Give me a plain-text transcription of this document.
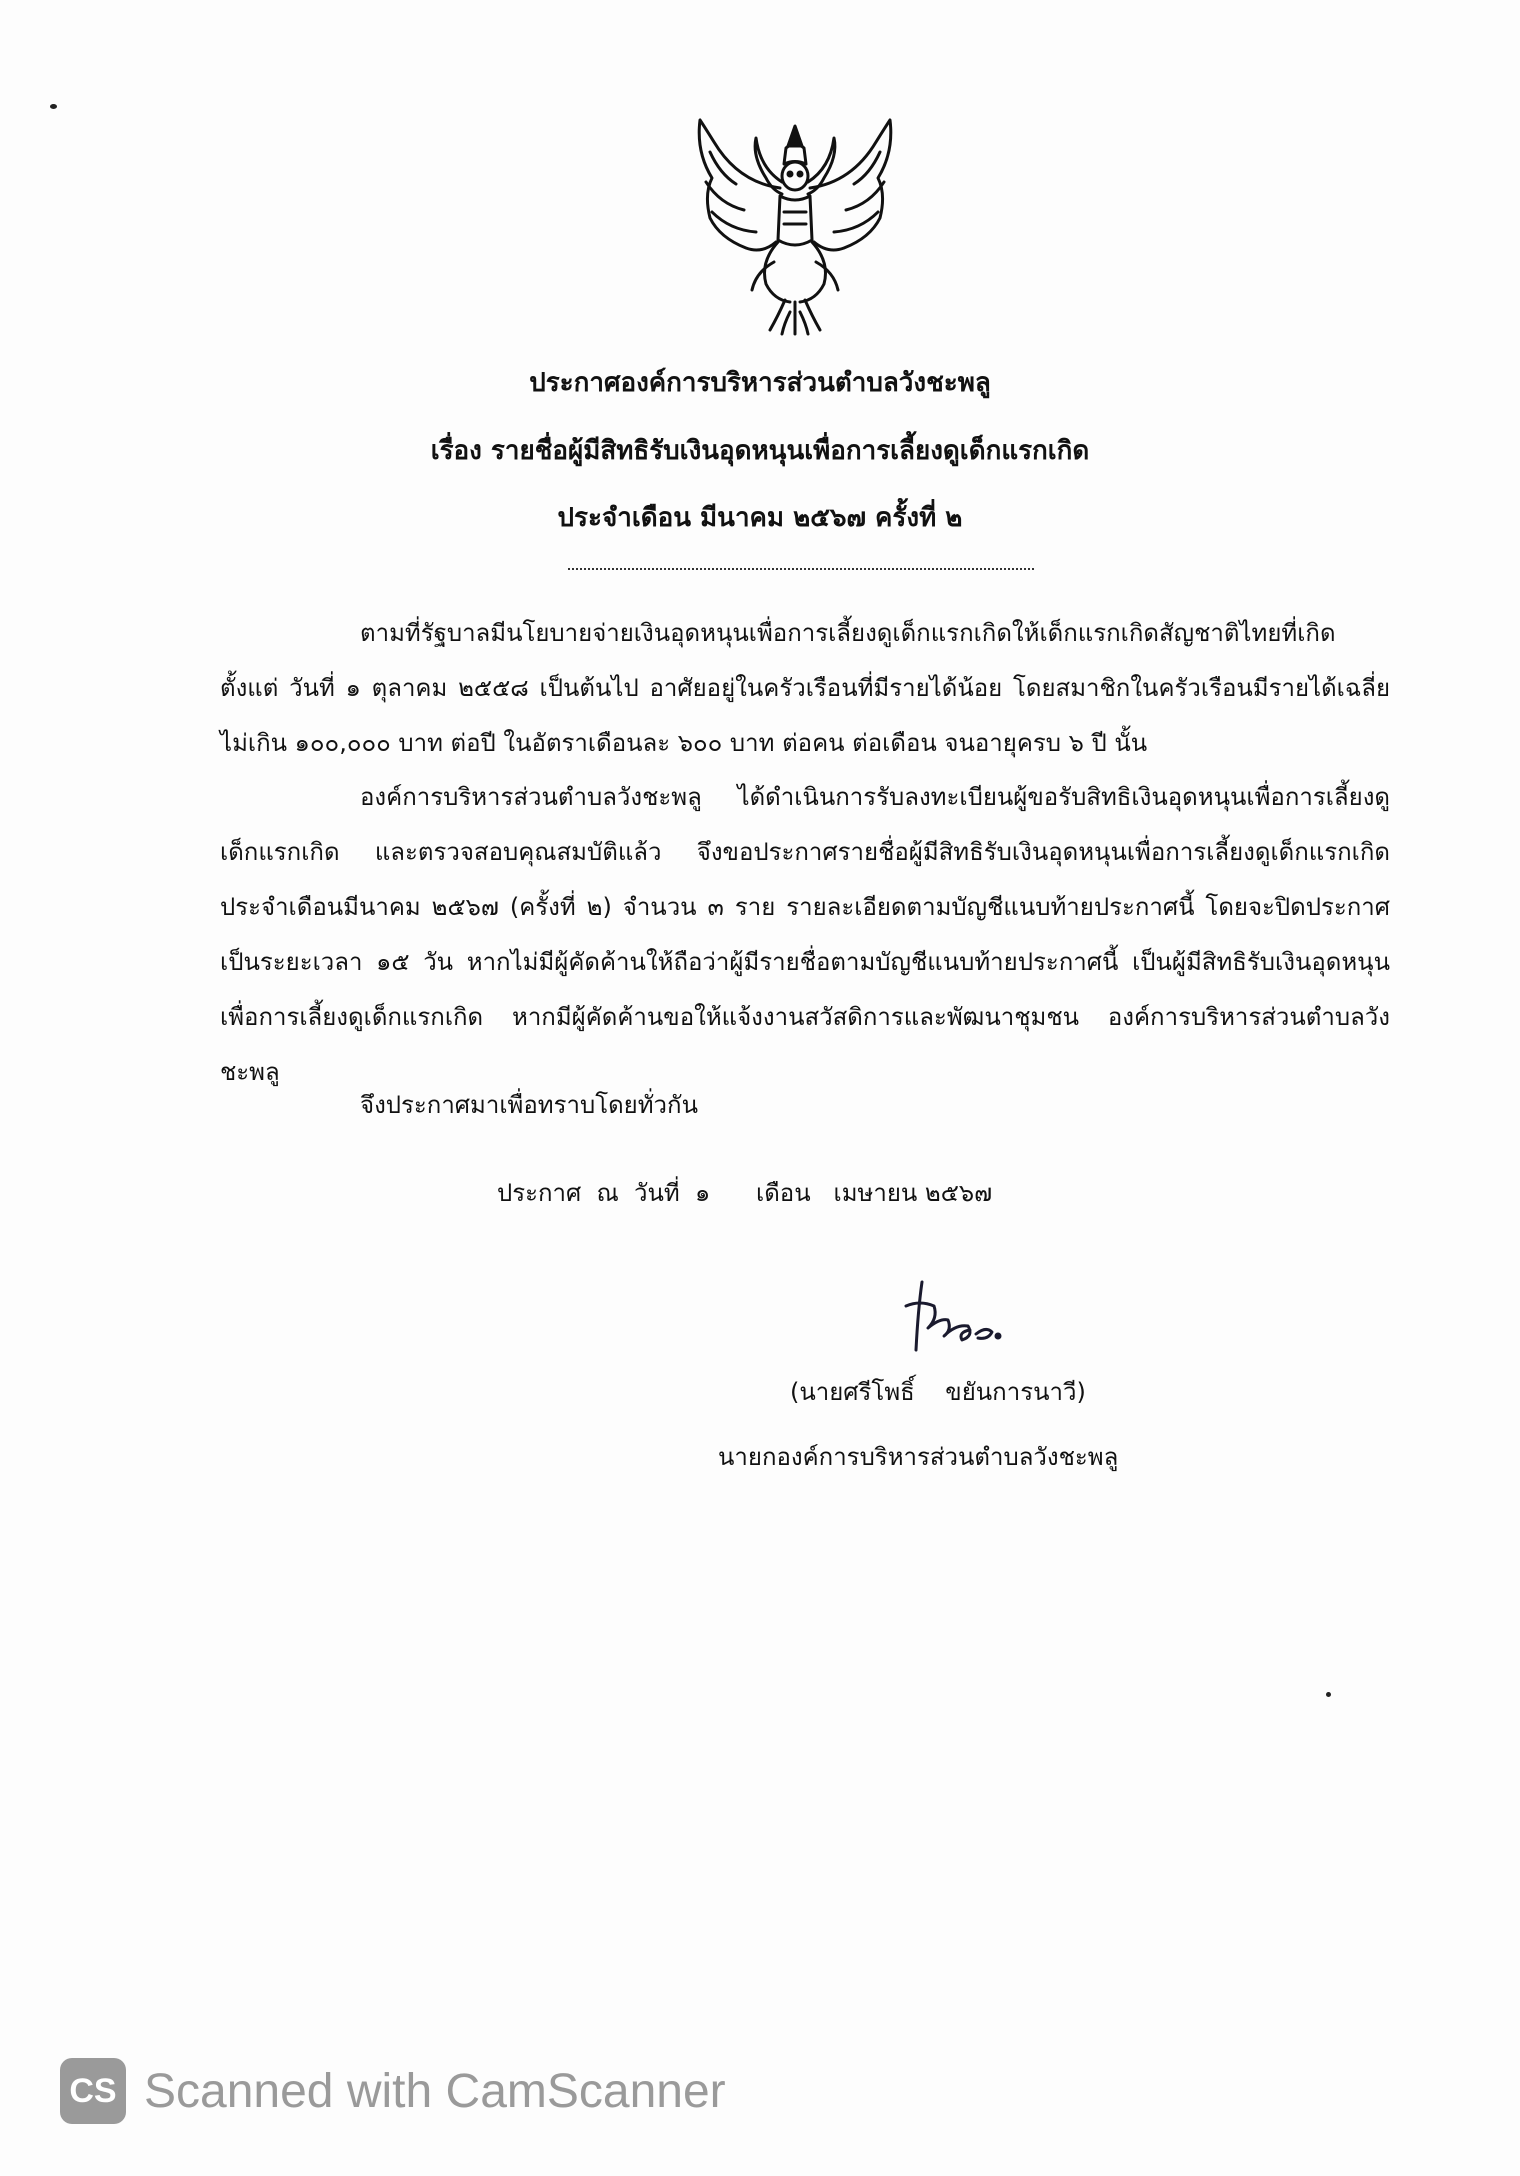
ประกาศองค์การบริหารส่วนตำบลวังชะพลู
เรื่อง รายชื่อผู้มีสิทธิรับเงินอุดหนุนเพื่อการเลี้ยงดูเด็กแรกเกิด
ประจำเดือน มีนาคม ๒๕๖๗ ครั้งที่ ๒
ตามที่รัฐบาลมีนโยบายจ่ายเงินอุดหนุนเพื่อการเลี้ยงดูเด็กแรกเกิดให้เด็กแรกเกิดสัญชาติไทยที่เกิดตั้งแต่ วันที่ ๑ ตุลาคม ๒๕๕๘ เป็นต้นไป อาศัยอยู่ในครัวเรือนที่มีรายได้น้อย โดยสมาชิกในครัวเรือนมีรายได้เฉลี่ยไม่เกิน ๑๐๐,๐๐๐ บาท ต่อปี ในอัตราเดือนละ ๖๐๐ บาท ต่อคน ต่อเดือน จนอายุครบ ๖ ปี นั้น
องค์การบริหารส่วนตำบลวังชะพลู ได้ดำเนินการรับลงทะเบียนผู้ขอรับสิทธิเงินอุดหนุนเพื่อการเลี้ยงดูเด็กแรกเกิด และตรวจสอบคุณสมบัติแล้ว จึงขอประกาศรายชื่อผู้มีสิทธิรับเงินอุดหนุนเพื่อการเลี้ยงดูเด็กแรกเกิด ประจำเดือนมีนาคม ๒๕๖๗ (ครั้งที่ ๒) จำนวน ๓ ราย รายละเอียดตามบัญชีแนบท้ายประกาศนี้ โดยจะปิดประกาศเป็นระยะเวลา ๑๕ วัน หากไม่มีผู้คัดค้านให้ถือว่าผู้มีรายชื่อตามบัญชีแนบท้ายประกาศนี้ เป็นผู้มีสิทธิรับเงินอุดหนุนเพื่อการเลี้ยงดูเด็กแรกเกิด หากมีผู้คัดค้านขอให้แจ้งงานสวัสดิการและพัฒนาชุมชน องค์การบริหารส่วนตำบลวังชะพลู
จึงประกาศมาเพื่อทราบโดยทั่วกัน
ประกาศ  ณ  วันที่  ๑      เดือน   เมษายน ๒๕๖๗
(นายศรีโพธิ์    ขยันการนาวี)
นายกองค์การบริหารส่วนตำบลวังชะพลู
CS Scanned with CamScanner
